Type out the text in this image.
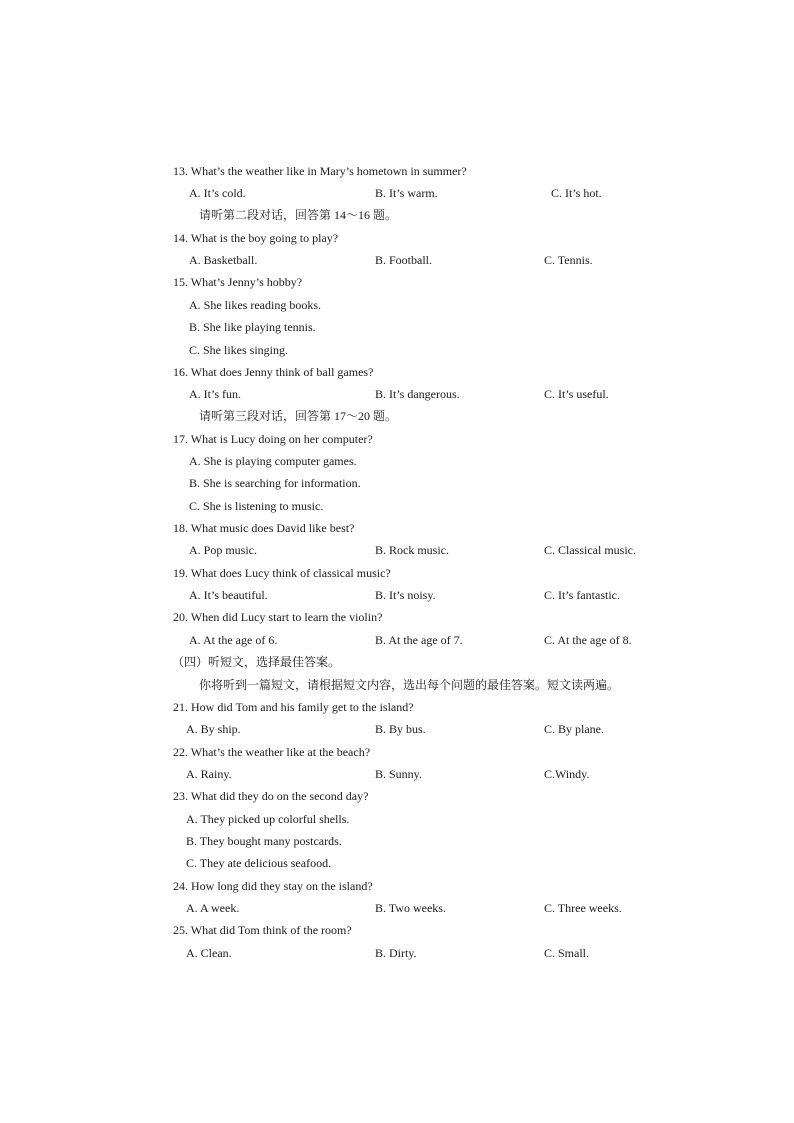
13. What’s the weather like in Mary’s hometown in summer?
A. It’s cold.	B. It’s warm.	C. It’s hot.
请听第二段对话，回答第 14～16 题。
14. What is the boy going to play?
A. Basketball.	B. Football.	C. Tennis.
15. What’s Jenny’s hobby?
A. She likes reading books.
B. She like playing tennis.
C. She likes singing.
16. What does Jenny think of ball games?
A. It’s fun.	B. It’s dangerous.	C. It’s useful.
请听第三段对话，回答第 17～20 题。
17. What is Lucy doing on her computer?
A. She is playing computer games.
B. She is searching for information.
C. She is listening to music.
18. What music does David like best?
A. Pop music.	B. Rock music.	C. Classical music.
19. What does Lucy think of classical music?
A. It’s beautiful.	B. It’s noisy.	C. It’s fantastic.
20. When did Lucy start to learn the violin?
A. At the age of 6.	B. At the age of 7.	C. At the age of 8.
（四）听短文，选择最佳答案。
你将听到一篇短文，请根据短文内容，选出每个问题的最佳答案。短文读两遍。
21. How did Tom and his family get to the island?
A. By ship.	B. By bus.	C. By plane.
22. What’s the weather like at the beach?
A. Rainy.	B. Sunny.	C.Windy.
23. What did they do on the second day?
A. They picked up colorful shells.
B. They bought many postcards.
C. They ate delicious seafood.
24. How long did they stay on the island?
A. A week.	B. Two weeks.	C. Three weeks.
25. What did Tom think of the room?
A. Clean.	B. Dirty.	C. Small.
